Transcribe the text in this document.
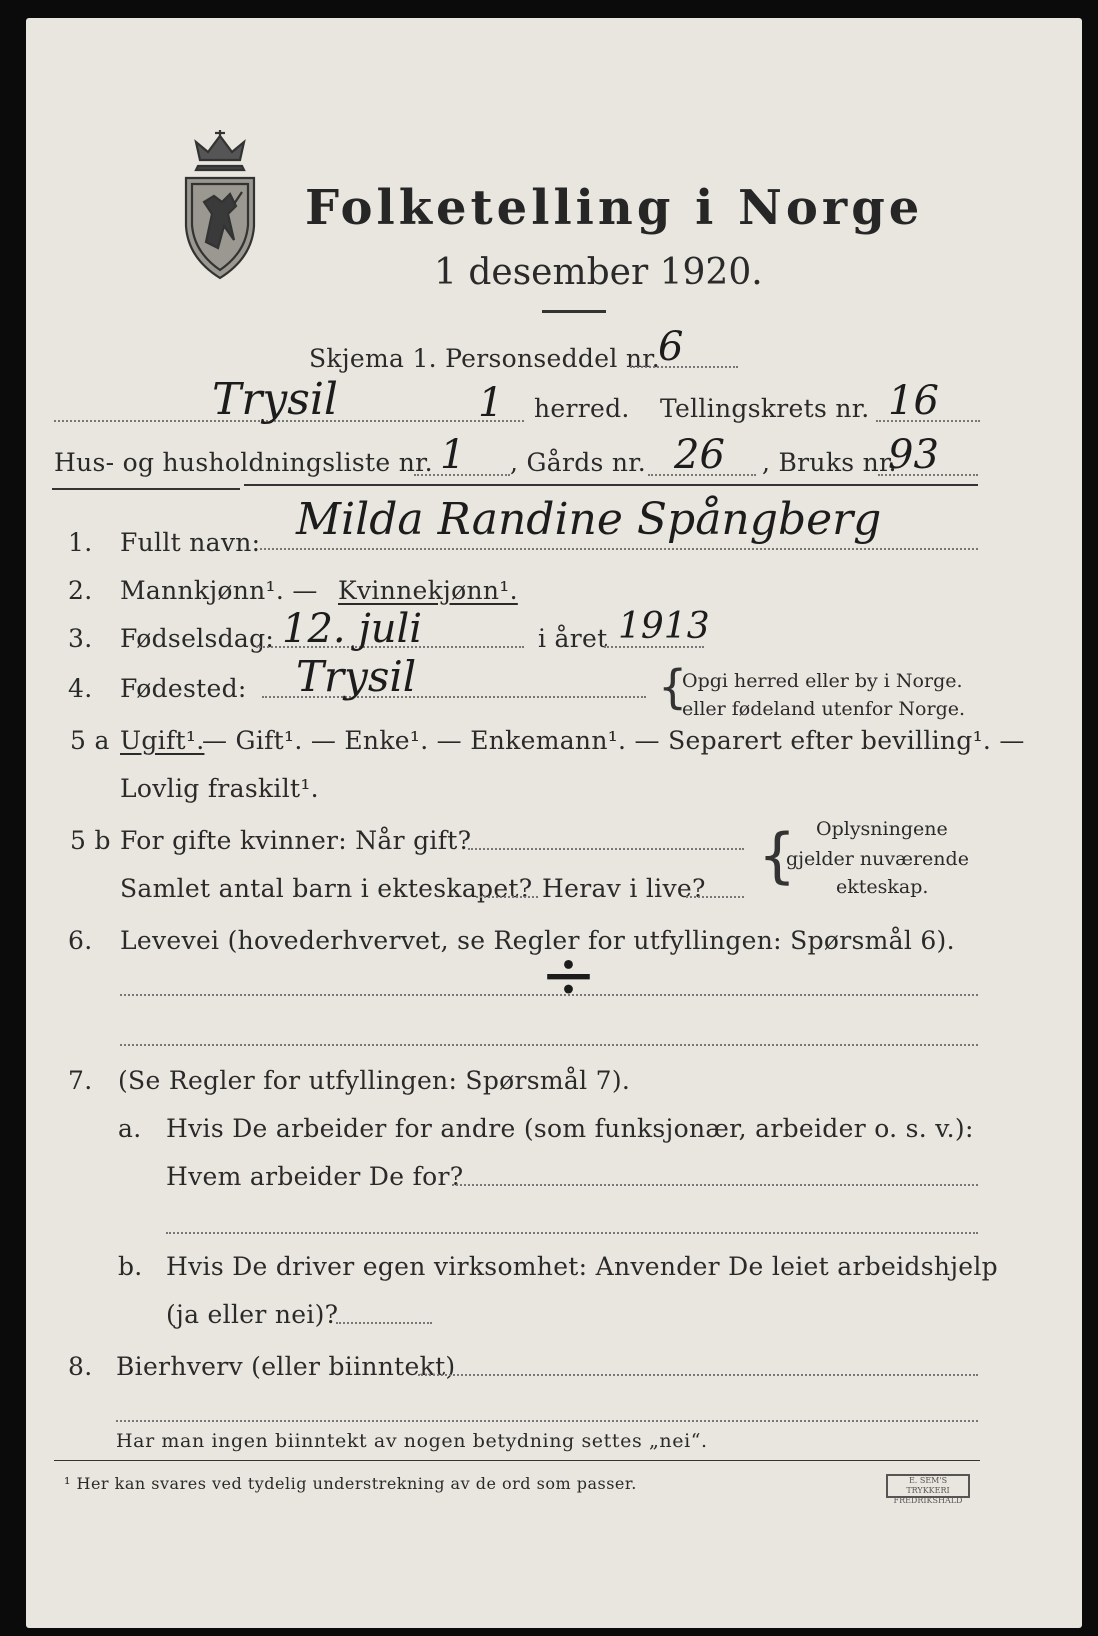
Folketelling i Norge
1 desember 1920.
Skjema 1. Personseddel nr.
6
Trysil	1 herred. Tellingskrets nr. 16
Hus- og husholdningsliste nr. 1 , Gårds nr. 26 , Bruks nr.
93
1. Fullt navn: Milda Randine Spångberg
2. Mannkjønn¹. — Kvinnekjønn¹.
3. Fødselsdag: 12. juli	i året 1913
4. Fødested: Trysil	{
Opgi herred eller by i Norge.
eller fødeland utenfor Norge.
5 a Ugift¹.
— Gift¹. — Enke¹. — Enkemann¹. — Separert efter bevilling¹. —
Lovlig fraskilt¹.
5 b For gifte kvinner: Når gift?
Samlet antal barn i ekteskapet? Herav i live? { Oplysningene
gjelder nuværende
ekteskap.
6. Levevei (hovederhvervet, se Regler for utfyllingen: Spørsmål 6).
÷
7. (Se Regler for utfyllingen: Spørsmål 7).
a. Hvis De arbeider for andre (som funksjonær, arbeider o. s. v.):
Hvem arbeider De for?
b. Hvis De driver egen virksomhet: Anvender De leiet arbeidshjelp
(ja eller nei)?
8. Bierhverv (eller biinntekt)
Har man ingen biinntekt av nogen betydning settes „nei“.
¹ Her kan svares ved tydelig understrekning av de ord som passer.	E. SEM'S TRYKKERI
FREDRIKSHALD
